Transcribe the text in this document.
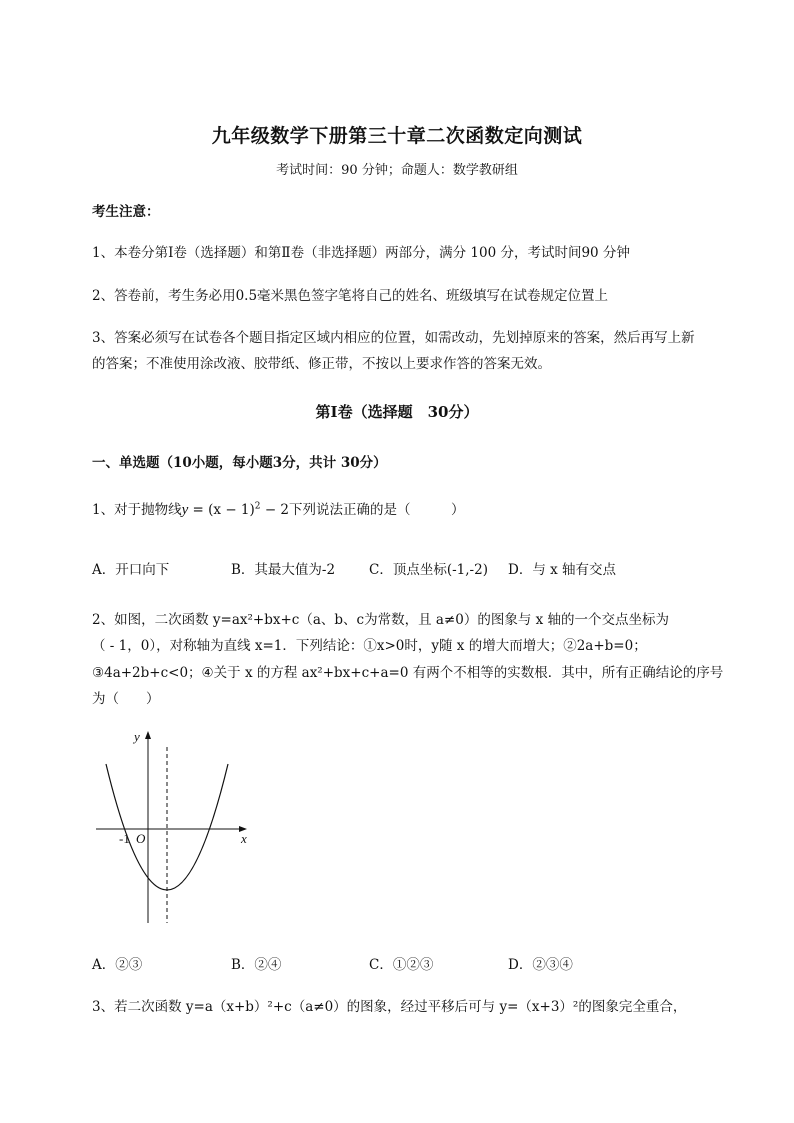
九年级数学下册第三十章二次函数定向测试
考试时间：90 分钟；命题人：数学教研组
考生注意：
1、本卷分第Ⅰ卷（选择题）和第Ⅱ卷（非选择题）两部分，满分 100 分，考试时间90 分钟
2、答卷前，考生务必用0.5毫米黑色签字笔将自己的姓名、班级填写在试卷规定位置上
3、答案必须写在试卷各个题目指定区域内相应的位置，如需改动，先划掉原来的答案，然后再写上新
的答案；不准使用涂改液、胶带纸、修正带，不按以上要求作答的答案无效。
第Ⅰ卷（选择题　30分）
一、单选题（10小题，每小题3分，共计 30分）
1、对于抛物线$y = (x - 1)^2 - 2$下列说法正确的是（　　　）
A．开口向下	B．其最大值为-2	C．顶点坐标(-1,-2) D．与 x 轴有交点
2、如图，二次函数 y=ax²+bx+c（a、b、c为常数，且 a≠0）的图象与 x 轴的一个交点坐标为
（ - 1，0），对称轴为直线 x=1．下列结论：①x>0时，y随 x 的增大而增大；②2a+b=0；
③4a+2b+c<0；④关于 x 的方程 ax²+bx+c+a=0 有两个不相等的实数根．其中，所有正确结论的序号
为（　　）
y
x
-1 O
A．②③	B．②④	C．①②③	D．②③④
3、若二次函数 y=a（x+b）²+c（a≠0）的图象，经过平移后可与 y=（x+3）²的图象完全重合，
